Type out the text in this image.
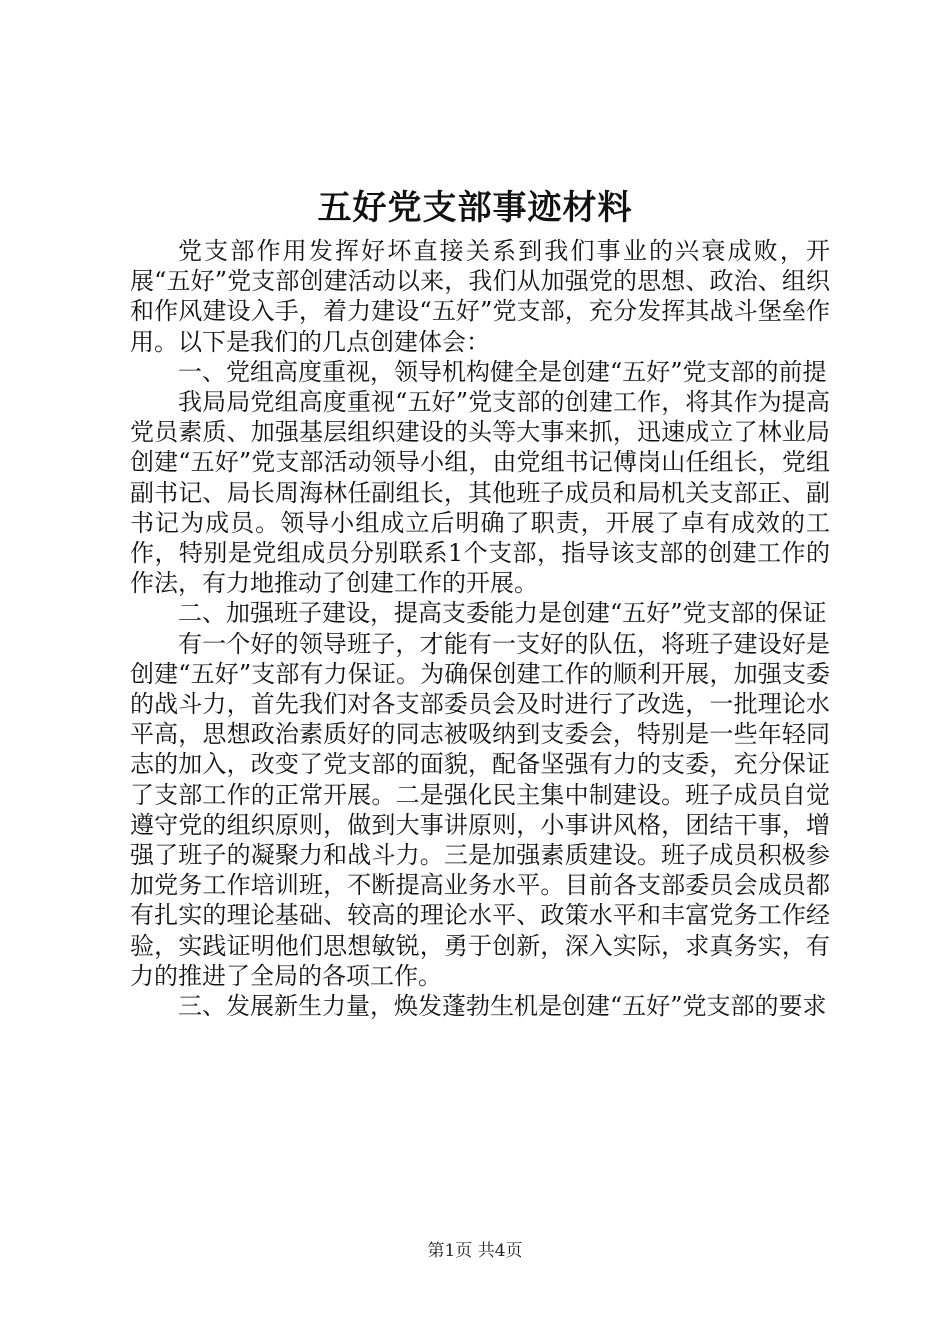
五好党支部事迹材料

党支部作用发挥好坏直接关系到我们事业的兴衰成败，开展“五好”党支部创建活动以来，我们从加强党的思想、政治、组织和作风建设入手，着力建设“五好”党支部，充分发挥其战斗堡垒作用。以下是我们的几点创建体会：

一、党组高度重视，领导机构健全是创建“五好”党支部的前提

我局局党组高度重视“五好”党支部的创建工作，将其作为提高党员素质、加强基层组织建设的头等大事来抓，迅速成立了林业局创建“五好”党支部活动领导小组，由党组书记傅岗山任组长，党组副书记、局长周海林任副组长，其他班子成员和局机关支部正、副书记为成员。领导小组成立后明确了职责，开展了卓有成效的工作，特别是党组成员分别联系1个支部，指导该支部的创建工作的作法，有力地推动了创建工作的开展。

二、加强班子建设，提高支委能力是创建“五好”党支部的保证

有一个好的领导班子，才能有一支好的队伍，将班子建设好是创建“五好”支部有力保证。为确保创建工作的顺利开展，加强支委的战斗力，首先我们对各支部委员会及时进行了改选，一批理论水平高，思想政治素质好的同志被吸纳到支委会，特别是一些年轻同志的加入，改变了党支部的面貌，配备坚强有力的支委，充分保证了支部工作的正常开展。二是强化民主集中制建设。班子成员自觉遵守党的组织原则，做到大事讲原则，小事讲风格，团结干事，增强了班子的凝聚力和战斗力。三是加强素质建设。班子成员积极参加党务工作培训班，不断提高业务水平。目前各支部委员会成员都有扎实的理论基础、较高的理论水平、政策水平和丰富党务工作经验，实践证明他们思想敏锐，勇于创新，深入实际，求真务实，有力的推进了全局的各项工作。

三、发展新生力量，焕发蓬勃生机是创建“五好”党支部的要求

第1页 共4页
